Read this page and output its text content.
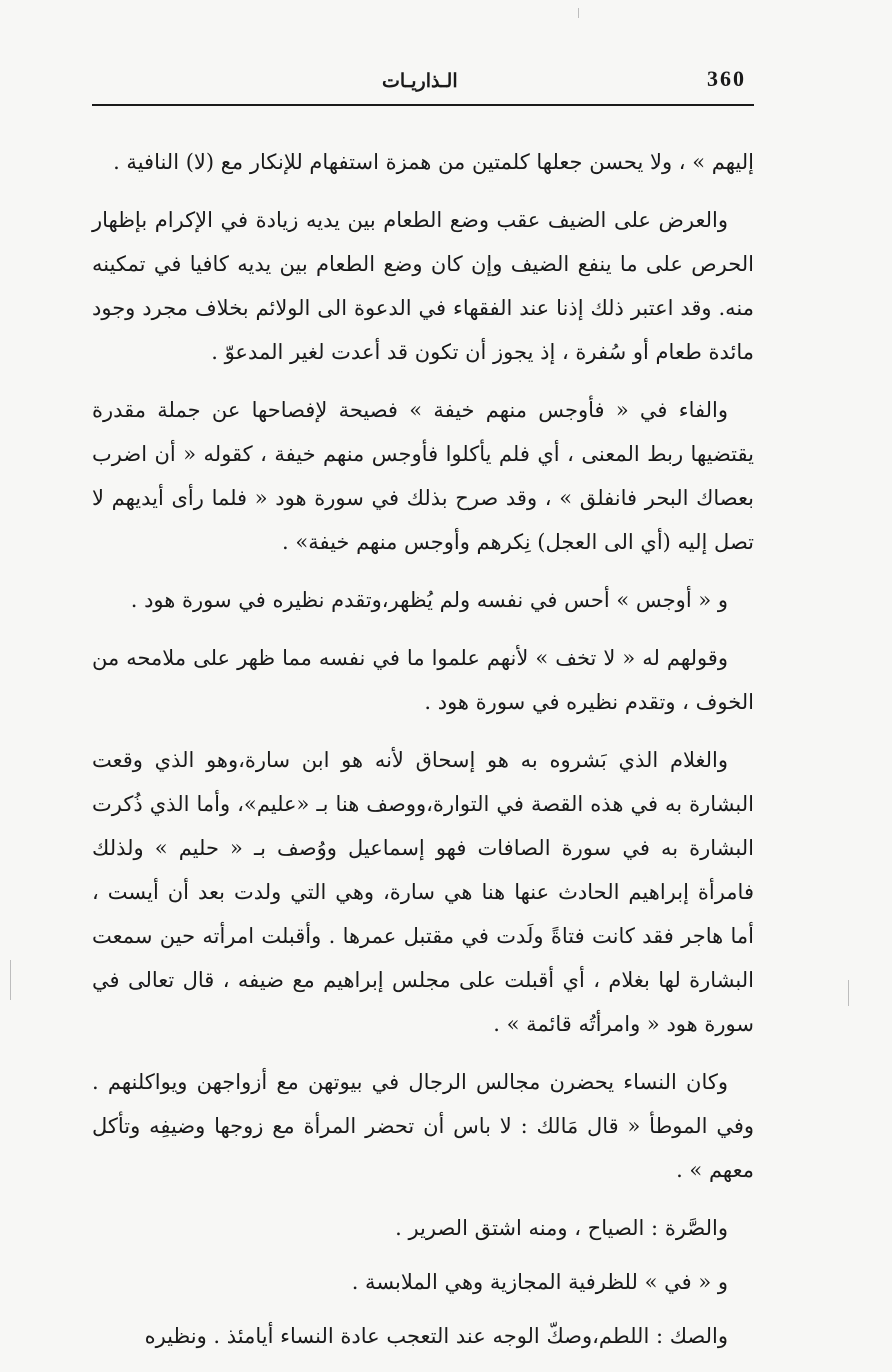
360
الـذاريـات

إليهم » ، ولا يحسن جعلها كلمتين من همزة استفهام للإنكار مع (لا) النافية .

والعرض على الضيف عقب وضع الطعام بين يديه زيادة في الإكرام بإظهار الحرص على ما ينفع الضيف وإن كان وضع الطعام بين يديه كافيا في تمكينه منه. وقد اعتبر ذلك إذنا عند الفقهاء في الدعوة الى الولائم بخلاف مجرد وجود مائدة طعام أو سُفرة ، إذ يجوز أن تكون قد أعدت لغير المدعوّ .

والفاء في « فأوجس منهم خيفة » فصيحة لإفصاحها عن جملة مقدرة يقتضيها ربط المعنى ، أي فلم يأكلوا فأوجس منهم خيفة ، كقوله « أن اضرب بعصاك البحر فانفلق » ، وقد صرح بذلك في سورة هود « فلما رأى أيديهم لا تصل إليه (أي الى العجل) نِكرهم وأوجس منهم خيفة» .

و « أوجس » أحس في نفسه ولم يُظهر،وتقدم نظيره في سورة هود .

وقولهم له « لا تخف » لأنهم علموا ما في نفسه مما ظهر على ملامحه من الخوف ، وتقدم نظيره في سورة هود .

والغلام الذي بَشروه به هو إسحاق لأنه هو ابن سارة،وهو الذي وقعت البشارة به في هذه القصة في التوارة،ووصف هنا بـ «عليم»، وأما الذي ذُكرت البشارة به في سورة الصافات فهو إسماعيل ووُصف بـ « حليم » ولذلك فامرأة إبراهيم الحادث عنها هنا هي سارة، وهي التي ولدت بعد أن أيست ، أما هاجر فقد كانت فتاةً ولَدت في مقتبل عمرها . وأقبلت امرأته حين سمعت البشارة لها بغلام ، أي أقبلت على مجلس إبراهيم مع ضيفه ، قال تعالى في سورة هود « وامرأتُه قائمة » .

وكان النساء يحضرن مجالس الرجال في بيوتهن مع أزواجهن ويواكلنهم . وفي الموطأ « قال مَالك : لا باس أن تحضر المرأة مع زوجها وضيفِه وتأكل معهم » .

والصَّرة : الصياح ، ومنه اشتق الصرير .

و « في » للظرفية المجازية وهي الملابسة .

والصك : اللطم،وصكّ الوجه عند التعجب عادة النساء أيامئذ . ونظيره
